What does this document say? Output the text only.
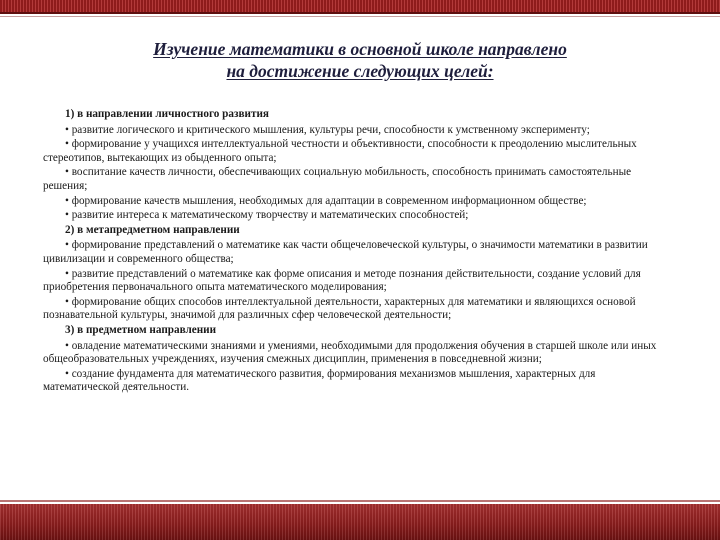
Изучение математики в основной школе направлено
на достижение следующих целей:

1) в направлении личностного развития

• развитие логического и критического мышления, культуры речи, способности к умственному эксперименту;

• формирование у учащихся интеллектуальной честности и объективности, способности к преодолению мыслительных стереотипов, вытекающих из обыденного опыта;

• воспитание качеств личности, обеспечивающих социальную мобильность, способность принимать самостоятельные решения;

• формирование качеств мышления, необходимых для адаптации в современном информационном обществе;

• развитие интереса к математическому творчеству и математических способностей;

2) в метапредметном направлении

• формирование представлений о математике как части общечеловеческой культуры, о значимости математики в развитии цивилизации и современного общества;

• развитие представлений о математике как форме описания и методе познания действительности, создание условий для приобретения первоначального опыта математического моделирования;

• формирование общих способов интеллектуальной деятельности, характерных для математики и являющихся основой познавательной культуры, значимой для различных сфер человеческой деятельности;

3) в предметном направлении

• овладение математическими знаниями и умениями, необходимыми для продолжения обучения в старшей школе или иных общеобразовательных учреждениях, изучения смежных дисциплин, применения в повседневной жизни;

• создание фундамента для математического развития, формирования механизмов мышления, характерных для математической деятельности.
